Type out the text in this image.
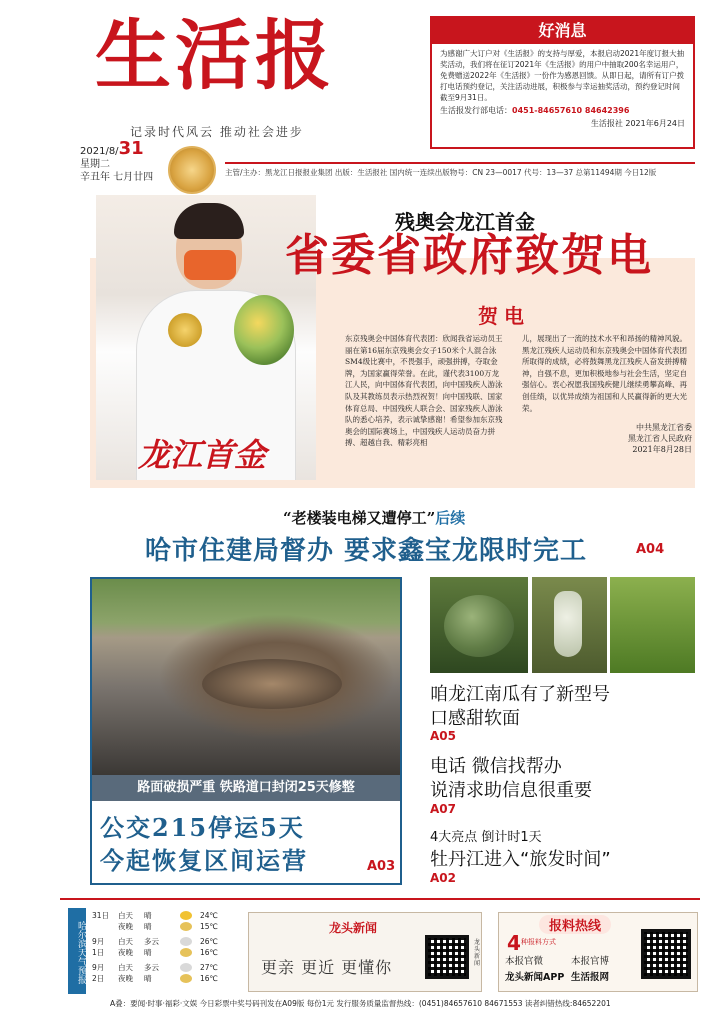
生活报
记录时代风云 推动社会进步
好消息
为感谢广大订户对《生活报》的支持与厚爱，本报启动2021年度订报大抽奖活动，我们将在征订2021年《生活报》的用户中抽取200名幸运用户，免费赠送2022年《生活报》一份作为感恩回馈。从即日起，请所有订户拨打电话预约登记，关注活动进展，积极参与幸运抽奖活动，预约登记时间截至9月31日。
生活报发行部电话：0451-84657610 84642396
生活报社 2021年6月24日
2021/8/31
星期二
辛丑年 七月廿四	主管/主办：黑龙江日报报业集团 出版：生活报社 国内统一连续出版物号：CN 23—0017 代号：13—37 总第11494期 今日12版
龙江首金
残奥会龙江首金
省委省政府致贺电
贺电
东京残奥会中国体育代表团：欣闻我省运动员王丽在第16届东京残奥会女子150米个人混合泳SM4级比赛中，不畏强手，顽强拼搏，夺取金牌，为国家赢得荣誉。在此，谨代表3100万龙江人民，向中国体育代表团，向中国残疾人游泳队及其教练员表示热烈祝贺！向中国残联、国家体育总局、中国残疾人联合会、国家残疾人游泳队的悉心培养，表示诚挚感谢！希望参加东京残奥会的国际赛场上，中国残疾人运动员奋力拼搏、超越自我、精彩亮相
儿，展现出了一流的技术水平和昂扬的精神风貌。黑龙江残疾人运动员和东京残奥会中国体育代表团所取得的成绩，必将鼓舞黑龙江残疾人奋发拼搏精神，自强不息，更加积极地参与社会生活，坚定自强信心。衷心祝愿我国残疾健儿继续勇攀高峰、再创佳绩，以优异成绩为祖国和人民赢得新的更大光荣。
中共黑龙江省委
黑龙江省人民政府
2021年8月28日
“老楼装电梯又遭停工”后续
哈市住建局督办 要求鑫宝龙限时完工	A04
路面破损严重 铁路道口封闭25天修整
公交215停运5天
今起恢复区间运营	A03
咱龙江南瓜有了新型号
口感甜软面
A05
电话 微信找帮办
说清求助信息很重要
A07
4大亮点 倒计时1天
牡丹江进入“旅发时间”
A02
哈尔滨天气预报
31日	白天	晴	24℃
夜晚	晴	15℃
9月	白天	多云	26℃
1日	夜晚	晴	16℃
9月	白天	多云	27℃
2日	夜晚	晴	16℃
龙头新闻
更亲 更近 更懂你
龙头新闻
报料热线
4 种报料方式
本报官微
龙头新闻APP
本报官博
生活报网
A叠：要闻·时事·福彩·文娱 今日彩票中奖号码刊发在A09版 每份1元 发行服务质量监督热线：(0451)84657610 84671553 读者纠错热线:84652201
